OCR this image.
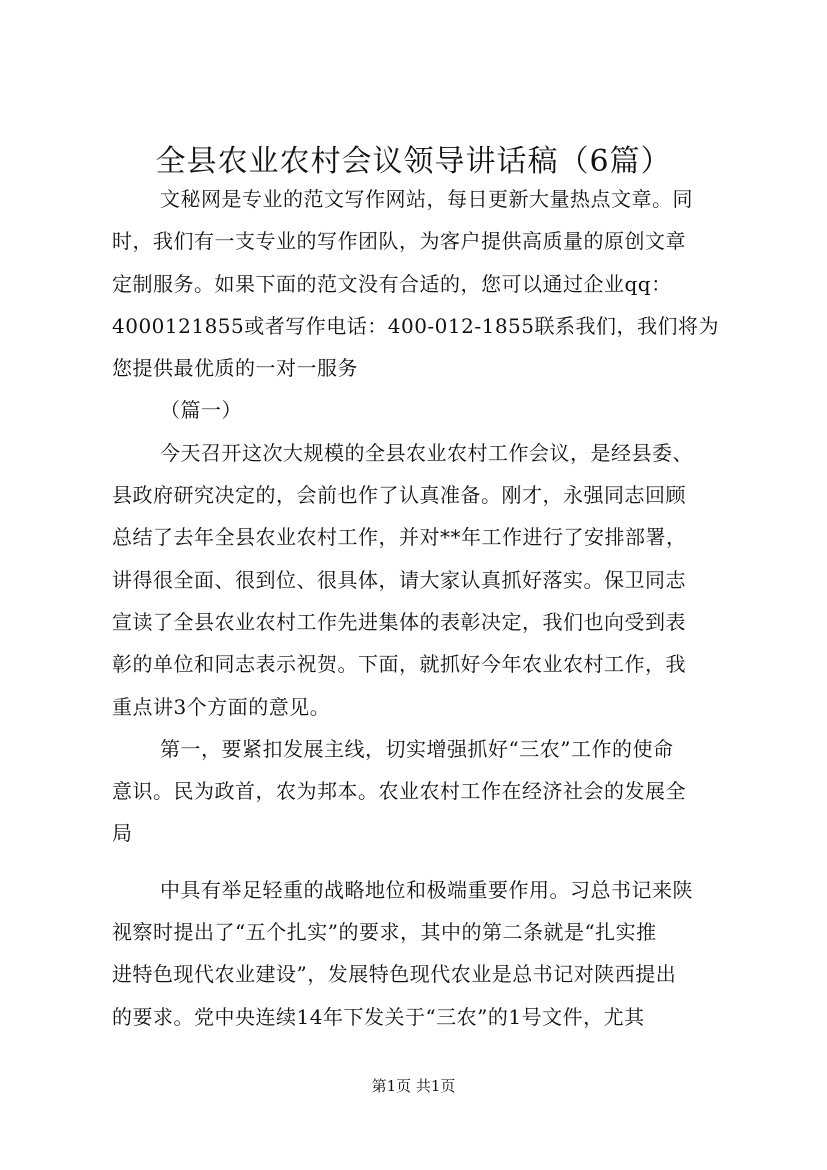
全县农业农村会议领导讲话稿（6篇）
文秘网是专业的范文写作网站，每日更新大量热点文章。同
时，我们有一支专业的写作团队，为客户提供高质量的原创文章
定制服务。如果下面的范文没有合适的，您可以通过企业qq：
4000121855或者写作电话：400-012-1855联系我们，我们将为
您提供最优质的一对一服务
（篇一）
今天召开这次大规模的全县农业农村工作会议，是经县委、
县政府研究决定的，会前也作了认真准备。刚才，永强同志回顾
总结了去年全县农业农村工作，并对**年工作进行了安排部署，
讲得很全面、很到位、很具体，请大家认真抓好落实。保卫同志
宣读了全县农业农村工作先进集体的表彰决定，我们也向受到表
彰的单位和同志表示祝贺。下面，就抓好今年农业农村工作，我
重点讲3个方面的意见。
第一，要紧扣发展主线，切实增强抓好“三农”工作的使命
意识。民为政首，农为邦本。农业农村工作在经济社会的发展全
局
中具有举足轻重的战略地位和极端重要作用。习总书记来陕
视察时提出了“五个扎实”的要求，其中的第二条就是“扎实推
进特色现代农业建设”，发展特色现代农业是总书记对陕西提出
的要求。党中央连续14年下发关于“三农”的1号文件，尤其
第1页 共1页
